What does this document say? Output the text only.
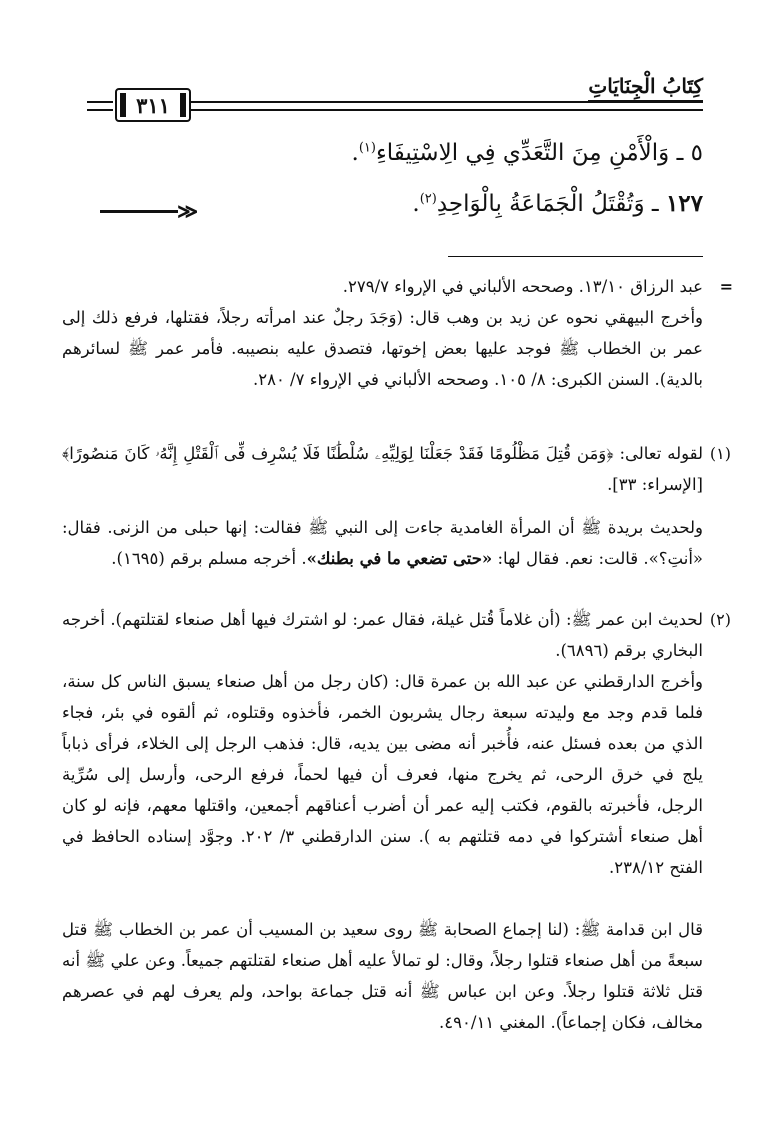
كِتَابُ الْجِنَايَاتِ
٣١١
٥ ـ وَالْأَمْنِ مِنَ التَّعَدِّي فِي الِاسْتِيفَاءِ$^{(١)}$.
١٢٧ ـ وَتُقْتَلُ الْجَمَاعَةُ بِالْوَاحِدِ$^{(٢)}$.
≪
=
عبد الرزاق ١٣/١٠. وصححه الألباني في الإرواء ٢٧٩/٧.
وأخرج البيهقي نحوه عن زيد بن وهب قال: (وَجَدَ رجلٌ عند امرأته رجلاً، فقتلها، فرفع ذلك إلى عمر بن الخطاب ﷺ فوجد عليها بعض إخوتها، فتصدق عليه بنصيبه. فأمر عمر ﷺ لسائرهم بالدية). السنن الكبرى: ٨/ ١٠٥. وصححه الألباني في الإرواء ٧/ ٢٨٠.
(١)
لقوله تعالى: ﴿وَمَن قُتِلَ مَظْلُومًا فَقَدْ جَعَلْنَا لِوَلِيِّهِۦ سُلْطَٰنًا فَلَا يُسْرِف فِّى ٱلْقَتْلِ إِنَّهُۥ كَانَ مَنصُورًا﴾ [الإسراء: ٣٣].
ولحديث بريدة ﷺ أن المرأة الغامدية جاءت إلى النبي ﷺ فقالت: إنها حبلى من الزنى. فقال: «أنتِ؟». قالت: نعم. فقال لها: «حتى تضعي ما في بطنك». أخرجه مسلم برقم (١٦٩٥).
(٢)
لحديث ابن عمر ﷺ: (أن غلاماً قُتل غيلة، فقال عمر: لو اشترك فيها أهل صنعاء لقتلتهم). أخرجه البخاري برقم (٦٨٩٦).
وأخرج الدارقطني عن عبد الله بن عمرة قال: (كان رجل من أهل صنعاء يسبق الناس كل سنة، فلما قدم وجد مع وليدته سبعة رجال يشربون الخمر، فأخذوه وقتلوه، ثم ألقوه في بئر، فجاء الذي من بعده فسئل عنه، فأُخبر أنه مضى بين يديه، قال: فذهب الرجل إلى الخلاء، فرأى ذباباً يلج في خرق الرحى، ثم يخرج منها، فعرف أن فيها لحماً، فرفع الرحى، وأرسل إلى سُرِّية الرجل، فأخبرته بالقوم، فكتب إليه عمر أن أضرب أعناقهم أجمعين، واقتلها معهم، فإنه لو كان أهل صنعاء أشتركوا في دمه قتلتهم به ). سنن الدارقطني ٣/ ٢٠٢. وجوَّد إسناده الحافظ في الفتح ٢٣٨/١٢.
قال ابن قدامة ﷺ: (لنا إجماع الصحابة ﷺ روى سعيد بن المسيب أن عمر بن الخطاب ﷺ قتل سبعةً من أهل صنعاء قتلوا رجلاً، وقال: لو تمالأ عليه أهل صنعاء لقتلتهم جميعاً. وعن علي ﷺ أنه قتل ثلاثة قتلوا رجلاً. وعن ابن عباس ﷺ أنه قتل جماعة بواحد، ولم يعرف لهم في عصرهم مخالف، فكان إجماعاً). المغني ٤٩٠/١١.
